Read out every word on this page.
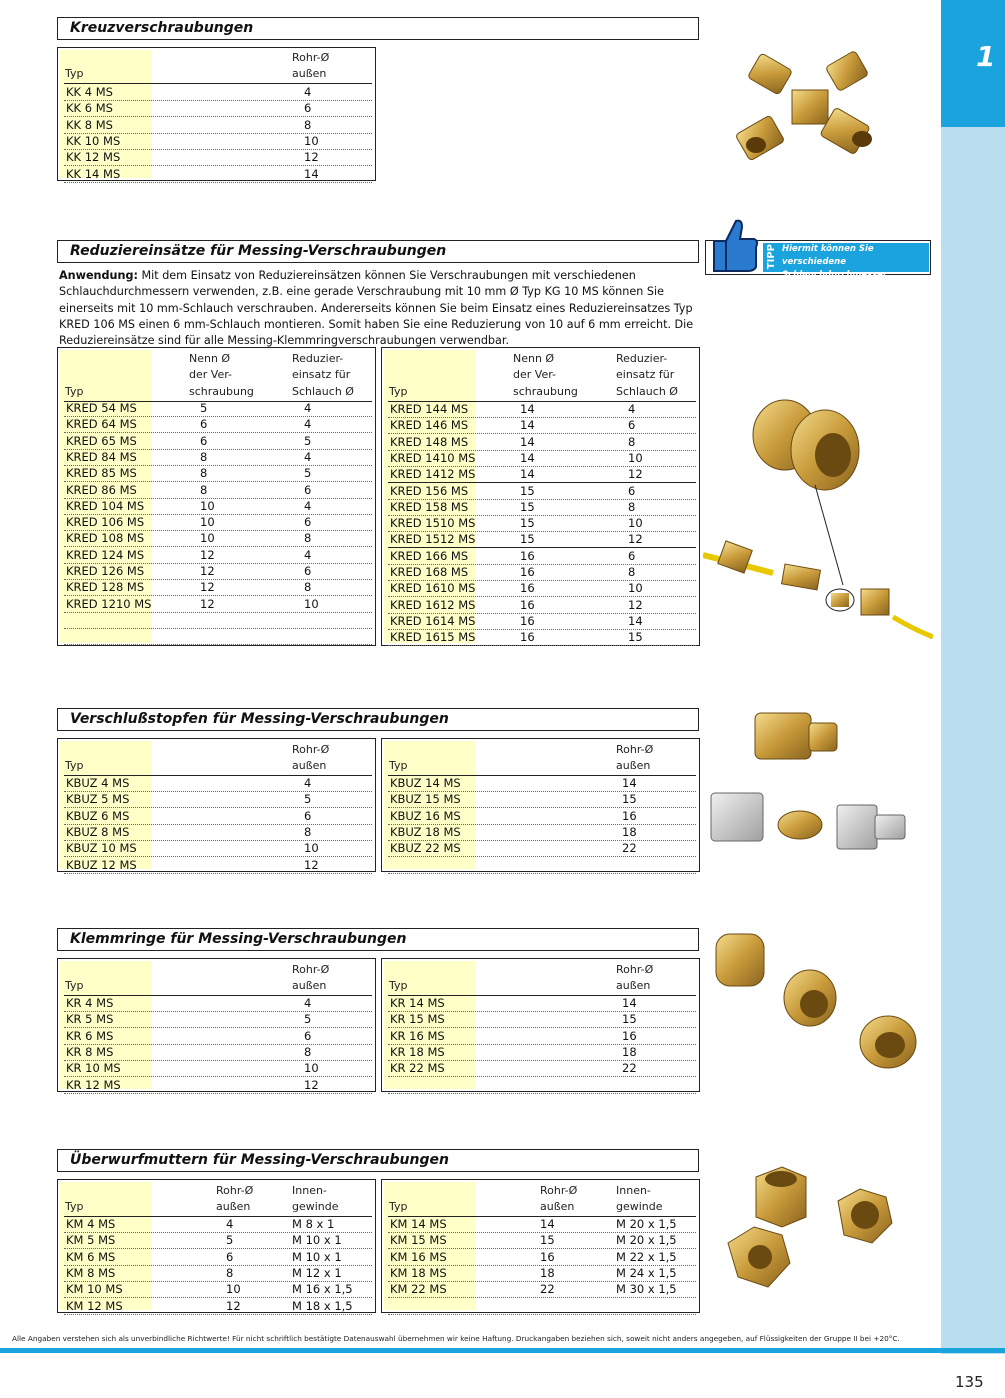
1
Kreuzverschraubungen
Typ
Rohr-Ø
außen
KK 4 MS	4
KK 6 MS	6
KK 8 MS	8
KK 10 MS	10
KK 12 MS	12
KK 14 MS	14
Reduziereinsätze für Messing-Verschraubungen	TIPP Hiermit können Sie verschiedene Schlauchdurchmesser montieren!
Anwendung: Mit dem Einsatz von Reduziereinsätzen können Sie Verschraubungen mit verschiedenen Schlauchdurchmessern verwenden, z.B. eine gerade Verschraubung mit 10 mm Ø Typ KG 10 MS können Sie einerseits mit 10 mm-Schlauch verschrauben. Andererseits können Sie beim Einsatz eines Reduziereinsatzes Typ KRED 106 MS einen 6 mm-Schlauch montieren. Somit haben Sie eine Reduzierung von 10 auf 6 mm erreicht. Die Reduziereinsätze sind für alle Messing-Klemmringverschraubungen verwendbar.
Typ
Nenn Ø
der Ver-
schraubung
Reduzier-
einsatz für
Schlauch Ø
KRED 54 MS	5	4
KRED 64 MS	6	4
KRED 65 MS	6	5
KRED 84 MS	8	4
KRED 85 MS	8	5
KRED 86 MS	8	6
KRED 104 MS	10	4
KRED 106 MS	10	6
KRED 108 MS	10	8
KRED 124 MS	12	4
KRED 126 MS	12	6
KRED 128 MS	12	8
KRED 1210 MS	12	10
Typ
Nenn Ø
der Ver-
schraubung
Reduzier-
einsatz für
Schlauch Ø
KRED 144 MS	14	4
KRED 146 MS	14	6
KRED 148 MS	14	8
KRED 1410 MS	14	10
KRED 1412 MS	14	12
KRED 156 MS	15	6
KRED 158 MS	15	8
KRED 1510 MS	15	10
KRED 1512 MS	15	12
KRED 166 MS	16	6
KRED 168 MS	16	8
KRED 1610 MS	16	10
KRED 1612 MS	16	12
KRED 1614 MS	16	14
KRED 1615 MS	16	15
Verschlußstopfen für Messing-Verschraubungen
Typ
Rohr-Ø
außen
KBUZ 4 MS	4
KBUZ 5 MS	5
KBUZ 6 MS	6
KBUZ 8 MS	8
KBUZ 10 MS	10
KBUZ 12 MS	12
Typ
Rohr-Ø
außen
KBUZ 14 MS	14
KBUZ 15 MS	15
KBUZ 16 MS	16
KBUZ 18 MS	18
KBUZ 22 MS	22
Klemmringe für Messing-Verschraubungen
Typ
Rohr-Ø
außen
KR 4 MS	4
KR 5 MS	5
KR 6 MS	6
KR 8 MS	8
KR 10 MS	10
KR 12 MS	12
Typ
Rohr-Ø
außen
KR 14 MS	14
KR 15 MS	15
KR 16 MS	16
KR 18 MS	18
KR 22 MS	22
Überwurfmuttern für Messing-Verschraubungen
Typ
Rohr-Ø
außen
Innen-
gewinde
KM 4 MS	4	M 8 x 1
KM 5 MS	5	M 10 x 1
KM 6 MS	6	M 10 x 1
KM 8 MS	8	M 12 x 1
KM 10 MS	10	M 16 x 1,5
KM 12 MS	12	M 18 x 1,5
Typ
Rohr-Ø
außen
Innen-
gewinde
KM 14 MS	14	M 20 x 1,5
KM 15 MS	15	M 20 x 1,5
KM 16 MS	16	M 22 x 1,5
KM 18 MS	18	M 24 x 1,5
KM 22 MS	22	M 30 x 1,5
Alle Angaben verstehen sich als unverbindliche Richtwerte! Für nicht schriftlich bestätigte Datenauswahl übernehmen wir keine Haftung. Druckangaben beziehen sich, soweit nicht anders angegeben, auf Flüssigkeiten der Gruppe II bei +20°C.
135
